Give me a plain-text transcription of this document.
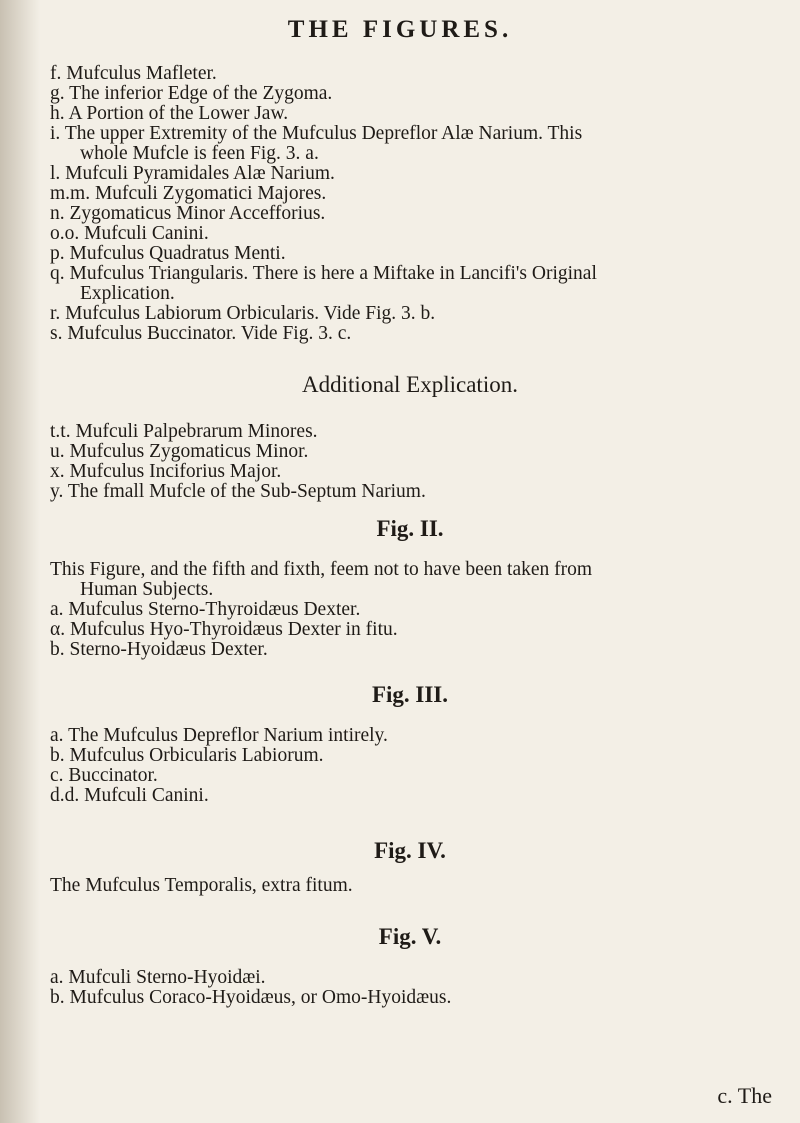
THE FIGURES.
f. Mufculus Mafleter.
g. The inferior Edge of the Zygoma.
h. A Portion of the Lower Jaw.
i. The upper Extremity of the Mufculus Depreflor Alæ Narium. This
whole Mufcle is feen Fig. 3. a.
l. Mufculi Pyramidales Alæ Narium.
m.m. Mufculi Zygomatici Majores.
n. Zygomaticus Minor Accefforius.
o.o. Mufculi Canini.
p. Mufculus Quadratus Menti.
q. Mufculus Triangularis. There is here a Miftake in Lancifi's Original
Explication.
r. Mufculus Labiorum Orbicularis. Vide Fig. 3. b.
s. Mufculus Buccinator. Vide Fig. 3. c.
Additional Explication.
t.t. Mufculi Palpebrarum Minores.
u. Mufculus Zygomaticus Minor.
x. Mufculus Inciforius Major.
y. The fmall Mufcle of the Sub-Septum Narium.
Fig. II.
This Figure, and the fifth and fixth, feem not to have been taken from
Human Subjects.
a. Mufculus Sterno-Thyroidæus Dexter.
α. Mufculus Hyo-Thyroidæus Dexter in fitu.
b. Sterno-Hyoidæus Dexter.
Fig. III.
a. The Mufculus Depreflor Narium intirely.
b. Mufculus Orbicularis Labiorum.
c. Buccinator.
d.d. Mufculi Canini.
Fig. IV.
The Mufculus Temporalis, extra fitum.
Fig. V.
a. Mufculi Sterno-Hyoidæi.
b. Mufculus Coraco-Hyoidæus, or Omo-Hyoidæus.
c. The
